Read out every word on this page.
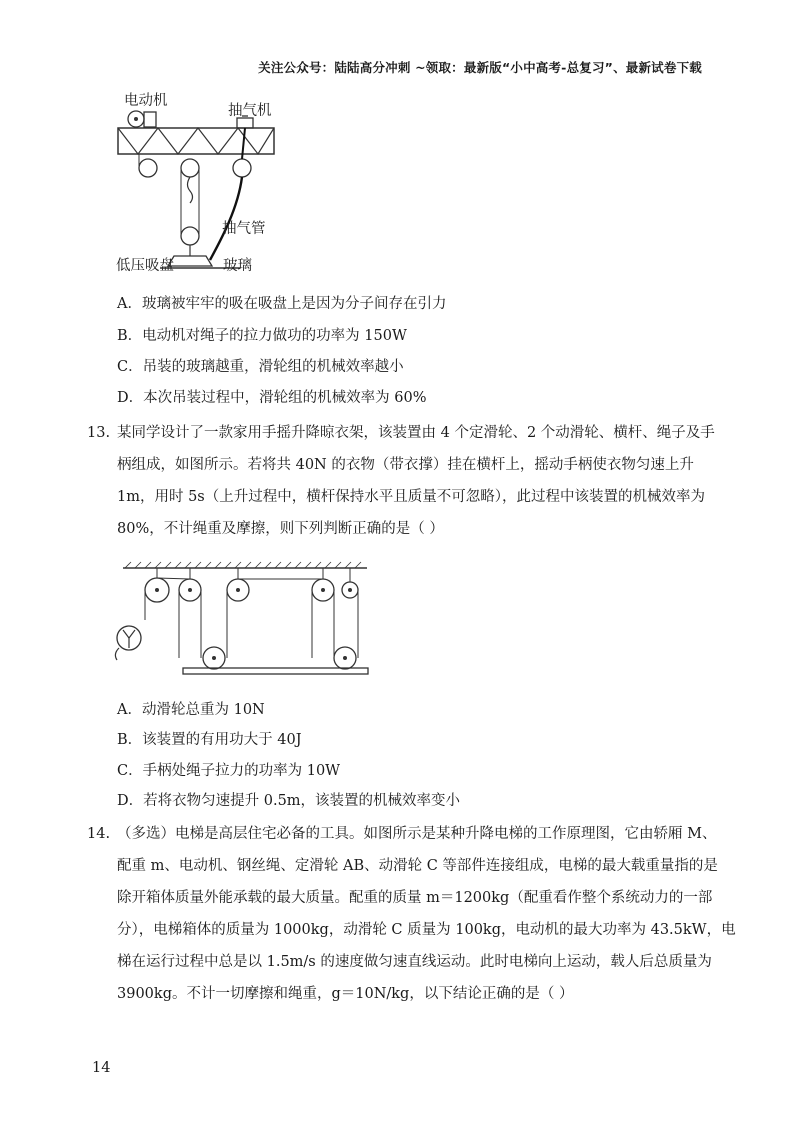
关注公众号：陆陆高分冲刺 ~领取：最新版“小中高考-总复习”、最新试卷下载
电动机
抽气机
抽气管
低压吸盘	玻璃
A．玻璃被牢牢的吸在吸盘上是因为分子间存在引力
B．电动机对绳子的拉力做功的功率为 150W
C．吊装的玻璃越重，滑轮组的机械效率越小
D．本次吊装过程中，滑轮组的机械效率为 60%
13. 某同学设计了一款家用手摇升降晾衣架，该装置由 4 个定滑轮、2 个动滑轮、横杆、绳子及手
柄组成，如图所示。若将共 40N 的衣物（带衣撑）挂在横杆上，摇动手柄使衣物匀速上升
1m，用时 5s（上升过程中，横杆保持水平且质量不可忽略），此过程中该装置的机械效率为
80%，不计绳重及摩擦，则下列判断正确的是（ ）
A．动滑轮总重为 10N
B．该装置的有用功大于 40J
C．手柄处绳子拉力的功率为 10W
D．若将衣物匀速提升 0.5m，该装置的机械效率变小
14. （多选）电梯是高层住宅必备的工具。如图所示是某种升降电梯的工作原理图，它由轿厢 M、
配重 m、电动机、钢丝绳、定滑轮 AB、动滑轮 C 等部件连接组成，电梯的最大载重量指的是
除开箱体质量外能承载的最大质量。配重的质量 m＝1200kg（配重看作整个系统动力的一部
分），电梯箱体的质量为 1000kg，动滑轮 C 质量为 100kg，电动机的最大功率为 43.5kW，电
梯在运行过程中总是以 1.5m/s 的速度做匀速直线运动。此时电梯向上运动，载人后总质量为
3900kg。不计一切摩擦和绳重，g＝10N/kg，以下结论正确的是（ ）
14
